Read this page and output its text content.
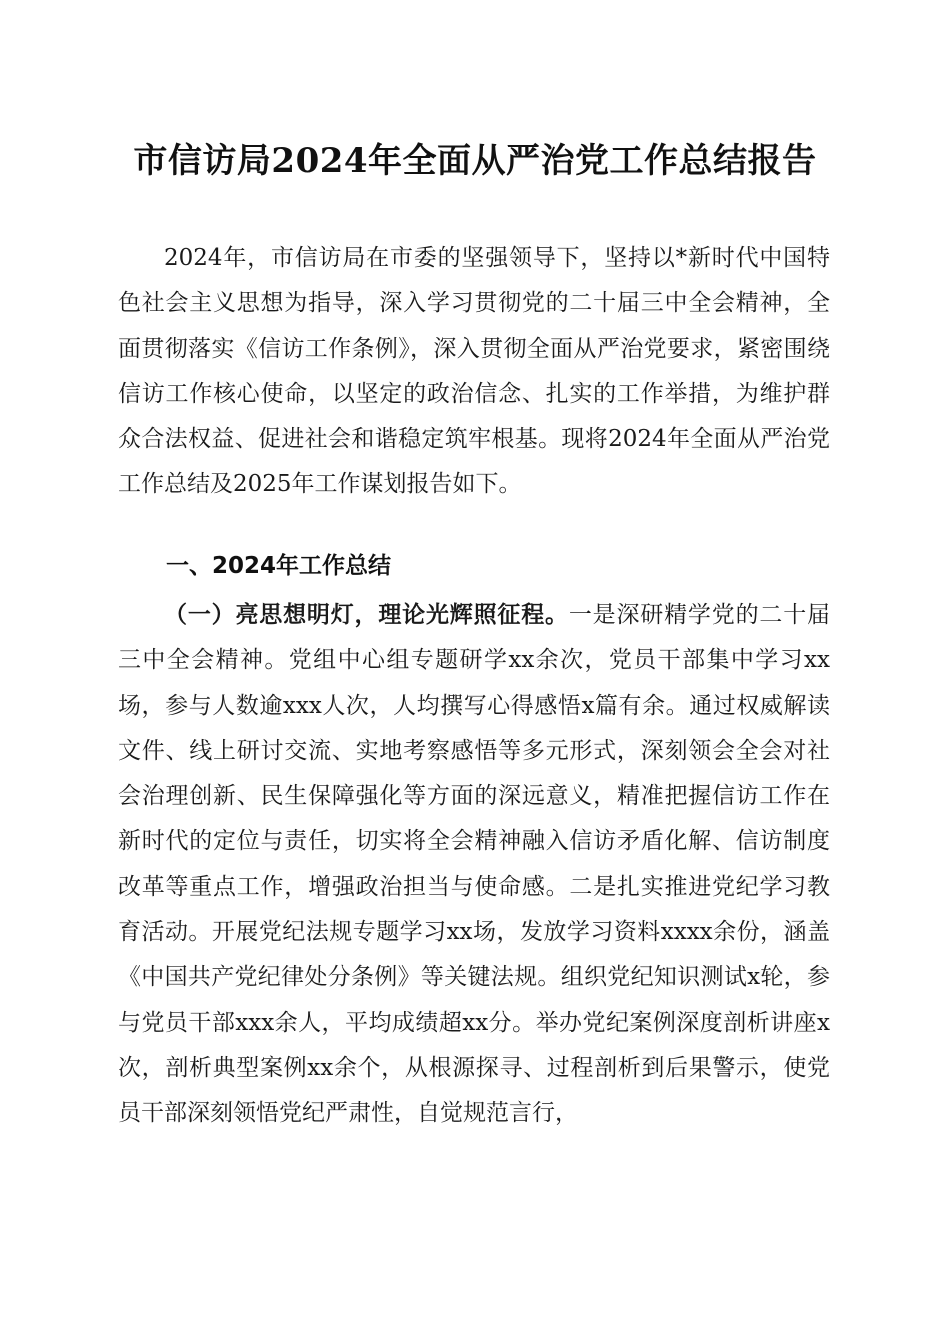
市信访局2024年全面从严治党工作总结报告

2024年，市信访局在市委的坚强领导下，坚持以*新时代中国特色社会主义思想为指导，深入学习贯彻党的二十届三中全会精神，全面贯彻落实《信访工作条例》，深入贯彻全面从严治党要求，紧密围绕信访工作核心使命，以坚定的政治信念、扎实的工作举措，为维护群众合法权益、促进社会和谐稳定筑牢根基。现将2024年全面从严治党工作总结及2025年工作谋划报告如下。

一、2024年工作总结

（一）亮思想明灯，理论光辉照征程。一是深研精学党的二十届三中全会精神。党组中心组专题研学xx余次，党员干部集中学习xx场，参与人数逾xxx人次，人均撰写心得感悟x篇有余。通过权威解读文件、线上研讨交流、实地考察感悟等多元形式，深刻领会全会对社会治理创新、民生保障强化等方面的深远意义，精准把握信访工作在新时代的定位与责任，切实将全会精神融入信访矛盾化解、信访制度改革等重点工作，增强政治担当与使命感。二是扎实推进党纪学习教育活动。开展党纪法规专题学习xx场，发放学习资料xxxx余份，涵盖《中国共产党纪律处分条例》等关键法规。组织党纪知识测试x轮，参与党员干部xxx余人，平均成绩超xx分。举办党纪案例深度剖析讲座x次，剖析典型案例xx余个，从根源探寻、过程剖析到后果警示，使党员干部深刻领悟党纪严肃性，自觉规范言行，
